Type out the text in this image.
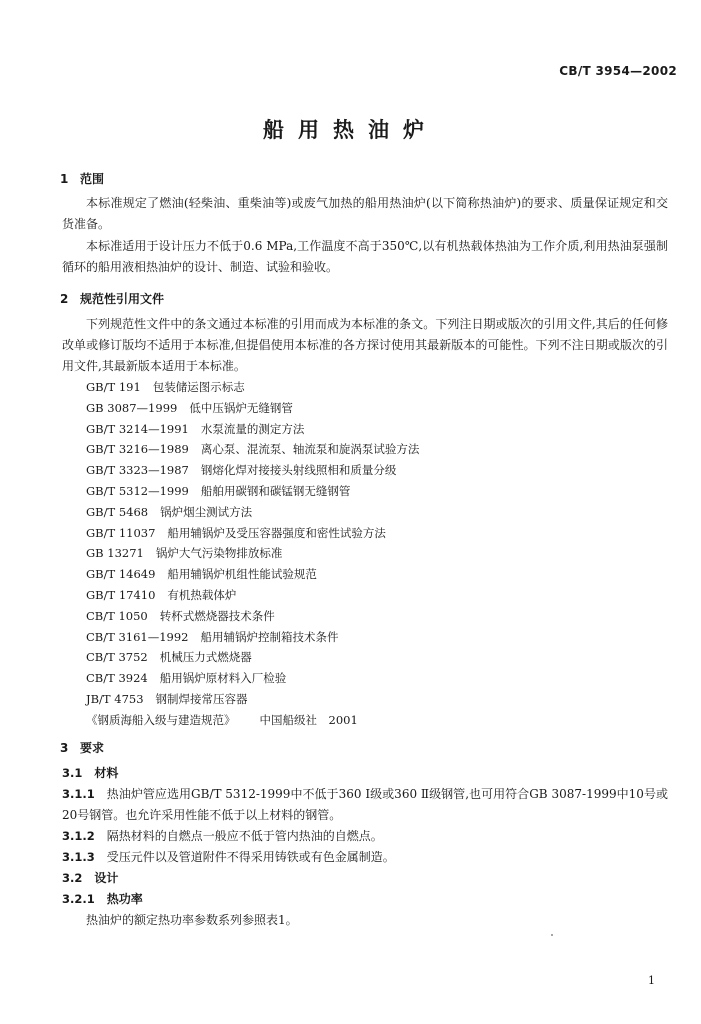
CB/T 3954—2002
船用热油炉
1 范围
本标准规定了燃油(轻柴油、重柴油等)或废气加热的船用热油炉(以下简称热油炉)的要求、质量保证规定和交货准备。
本标准适用于设计压力不低于0.6 MPa,工作温度不高于350℃,以有机热载体热油为工作介质,利用热油泵强制循环的船用液相热油炉的设计、制造、试验和验收。
2 规范性引用文件
下列规范性文件中的条文通过本标准的引用而成为本标准的条文。下列注日期或版次的引用文件,其后的任何修改单或修订版均不适用于本标准,但提倡使用本标准的各方探讨使用其最新版本的可能性。下列不注日期或版次的引用文件,其最新版本适用于本标准。
GB/T 191 包装储运图示标志
GB 3087—1999 低中压锅炉无缝钢管
GB/T 3214—1991 水泵流量的测定方法
GB/T 3216—1989 离心泵、混流泵、轴流泵和旋涡泵试验方法
GB/T 3323—1987 钢熔化焊对接接头射线照相和质量分级
GB/T 5312—1999 船舶用碳钢和碳锰钢无缝钢管
GB/T 5468 锅炉烟尘测试方法
GB/T 11037 船用辅锅炉及受压容器强度和密性试验方法
GB 13271 锅炉大气污染物排放标准
GB/T 14649 船用辅锅炉机组性能试验规范
GB/T 17410 有机热载体炉
CB/T 1050 转杯式燃烧器技术条件
CB/T 3161—1992 船用辅锅炉控制箱技术条件
CB/T 3752 机械压力式燃烧器
CB/T 3924 船用锅炉原材料入厂检验
JB/T 4753 钢制焊接常压容器
《钢质海船入级与建造规范》 中国船级社　2001
3 要求
3.1 材料
3.1.1 热油炉管应选用GB/T 5312-1999中不低于360 Ⅰ级或360 Ⅱ级钢管,也可用符合GB 3087-1999中10号或20号钢管。也允许采用性能不低于以上材料的钢管。
3.1.2 隔热材料的自燃点一般应不低于管内热油的自燃点。
3.1.3 受压元件以及管道附件不得采用铸铁或有色金属制造。
3.2 设计
3.2.1 热功率
热油炉的额定热功率参数系列参照表1。
1
